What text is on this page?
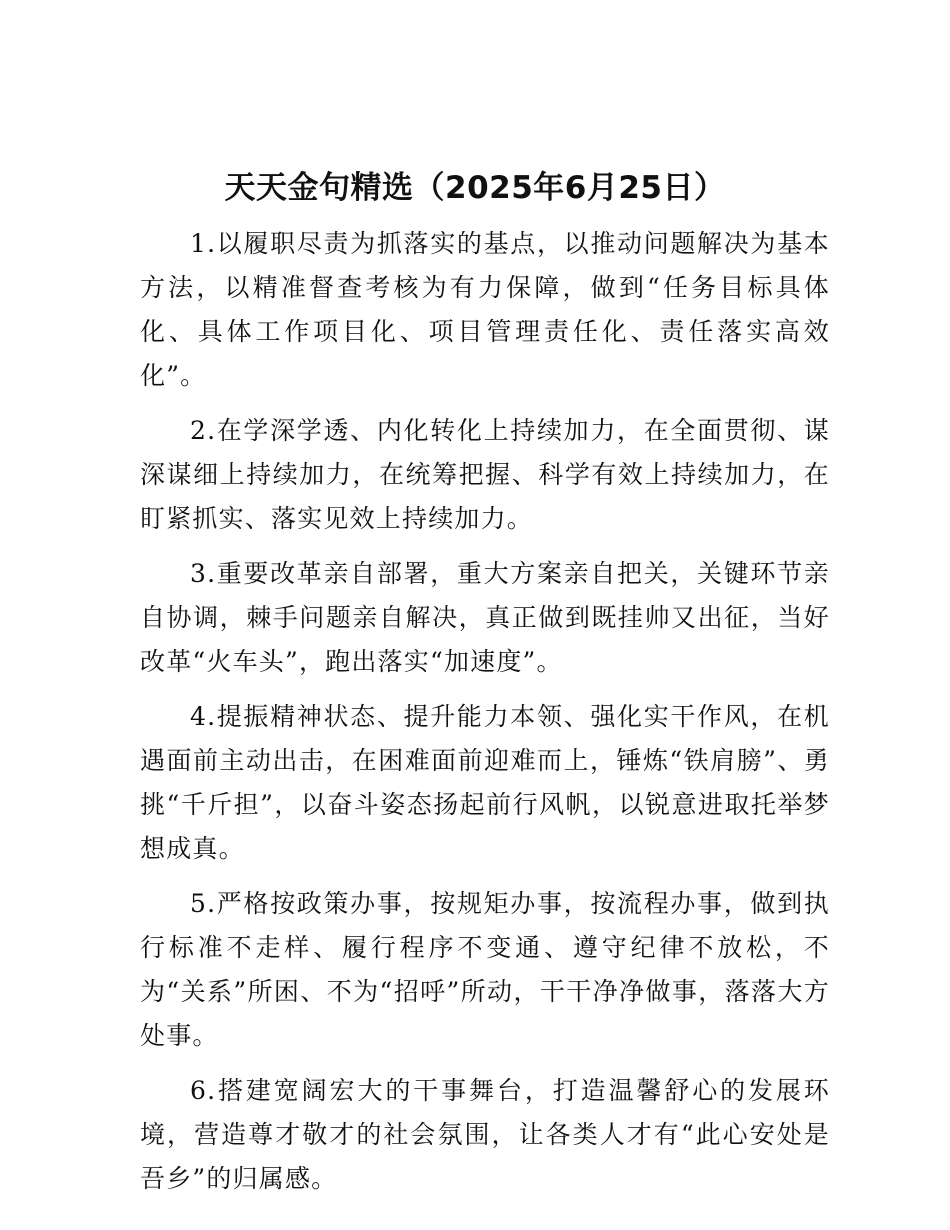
天天金句精选（2025年6月25日）

1.以履职尽责为抓落实的基点，以推动问题解决为基本方法，以精准督查考核为有力保障，做到“任务目标具体化、具体工作项目化、项目管理责任化、责任落实高效化”。

2.在学深学透、内化转化上持续加力，在全面贯彻、谋深谋细上持续加力，在统筹把握、科学有效上持续加力，在盯紧抓实、落实见效上持续加力。

3.重要改革亲自部署，重大方案亲自把关，关键环节亲自协调，棘手问题亲自解决，真正做到既挂帅又出征，当好改革“火车头”，跑出落实“加速度”。

4.提振精神状态、提升能力本领、强化实干作风，在机遇面前主动出击，在困难面前迎难而上，锤炼“铁肩膀”、勇挑“千斤担”，以奋斗姿态扬起前行风帆，以锐意进取托举梦想成真。

5.严格按政策办事，按规矩办事，按流程办事，做到执行标准不走样、履行程序不变通、遵守纪律不放松，不为“关系”所困、不为“招呼”所动，干干净净做事，落落大方处事。

6.搭建宽阔宏大的干事舞台，打造温馨舒心的发展环境，营造尊才敬才的社会氛围，让各类人才有“此心安处是吾乡”的归属感。
